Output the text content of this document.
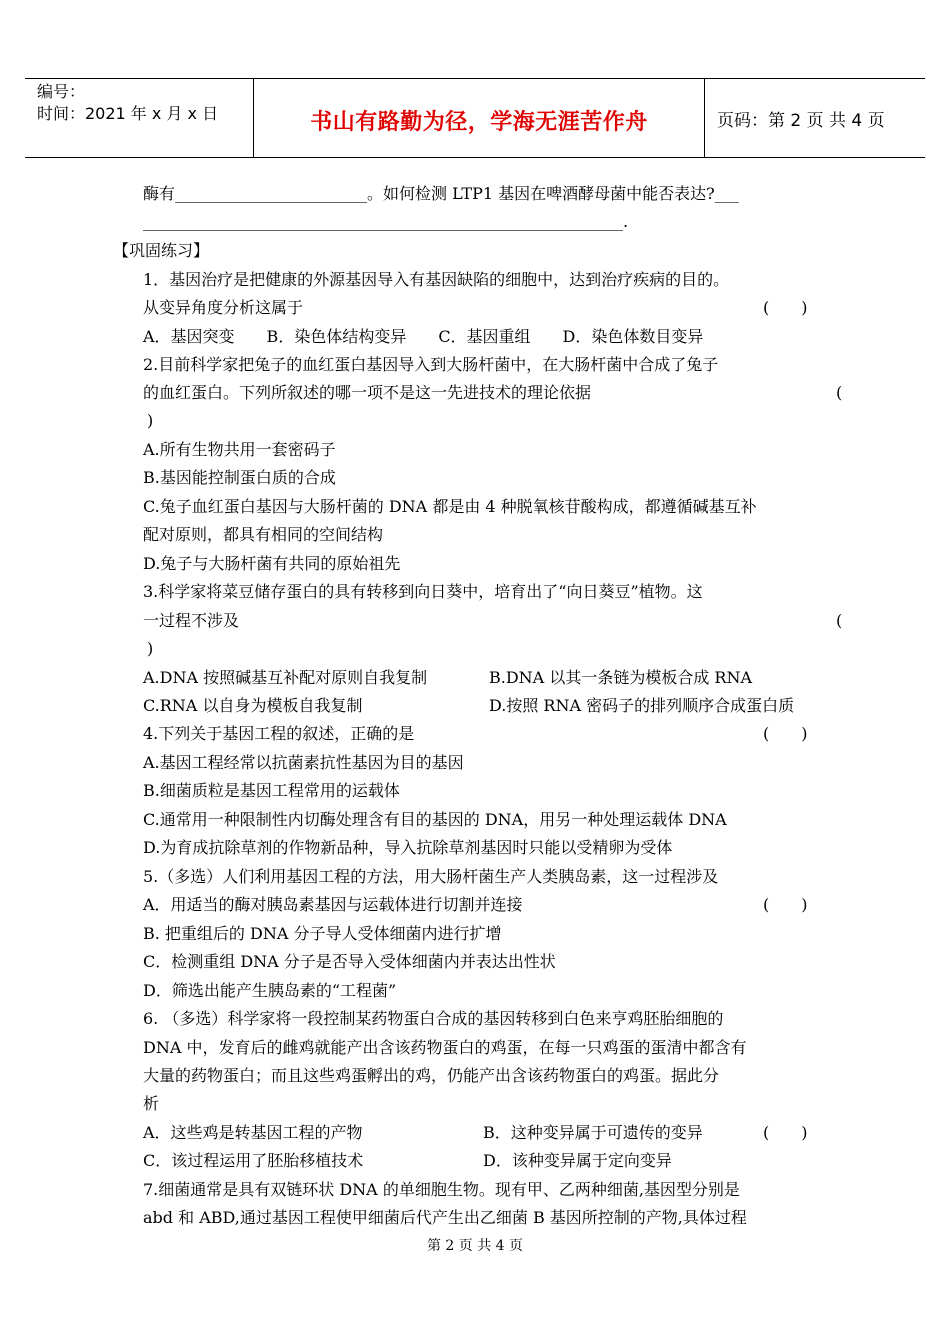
编号：
时间：2021 年 x 月 x 日	书山有路勤为径，学海无涯苦作舟	页码：第 2 页 共 4 页
酶有________________________。如何检测 LTP1 基因在啤酒酵母菌中能否表达?___
____________________________________________________________.
【巩固练习】
1．基因治疗是把健康的外源基因导入有基因缺陷的细胞中，达到治疗疾病的目的。
从变异角度分析这属于	(　　)
A．基因突变　　B．染色体结构变异　　C．基因重组　　D．染色体数目变异
2.目前科学家把兔子的血红蛋白基因导入到大肠杆菌中，在大肠杆菌中合成了兔子
的血红蛋白。下列所叙述的哪一项不是这一先进技术的理论依据	(
)
A.所有生物共用一套密码子
B.基因能控制蛋白质的合成
C.兔子血红蛋白基因与大肠杆菌的 DNA 都是由 4 种脱氧核苷酸构成，都遵循碱基互补
配对原则，都具有相同的空间结构
D.兔子与大肠杆菌有共同的原始祖先
3.科学家将菜豆储存蛋白的具有转移到向日葵中，培育出了“向日葵豆”植物。这
一过程不涉及	(
)
A.DNA 按照碱基互补配对原则自我复制	B.DNA 以其一条链为模板合成 RNA
C.RNA 以自身为模板自我复制	D.按照 RNA 密码子的排列顺序合成蛋白质
4.下列关于基因工程的叙述，正确的是	(　　)
A.基因工程经常以抗菌素抗性基因为目的基因
B.细菌质粒是基因工程常用的运载体
C.通常用一种限制性内切酶处理含有目的基因的 DNA，用另一种处理运载体 DNA
D.为育成抗除草剂的作物新品种，导入抗除草剂基因时只能以受精卵为受体
5.（多选）人们利用基因工程的方法，用大肠杆菌生产人类胰岛素，这一过程涉及
A．用适当的酶对胰岛素基因与运载体进行切割并连接	(　　)
B. 把重组后的 DNA 分子导人受体细菌内进行扩增
C．检测重组 DNA 分子是否导入受体细菌内并表达出性状
D．筛选出能产生胰岛素的“工程菌”
6. （多选）科学家将一段控制某药物蛋白合成的基因转移到白色来亨鸡胚胎细胞的
DNA 中，发育后的雌鸡就能产出含该药物蛋白的鸡蛋，在每一只鸡蛋的蛋清中都含有
大量的药物蛋白；而且这些鸡蛋孵出的鸡，仍能产出含该药物蛋白的鸡蛋。据此分
析
A．这些鸡是转基因工程的产物	B．这种变异属于可遗传的变异	(　　)
C．该过程运用了胚胎移植技术	D．该种变异属于定向变异
7.细菌通常是具有双链环状 DNA 的单细胞生物。现有甲、乙两种细菌,基因型分别是
abd 和 ABD,通过基因工程使甲细菌后代产生出乙细菌 B 基因所控制的产物,具体过程
第 2 页 共 4 页
